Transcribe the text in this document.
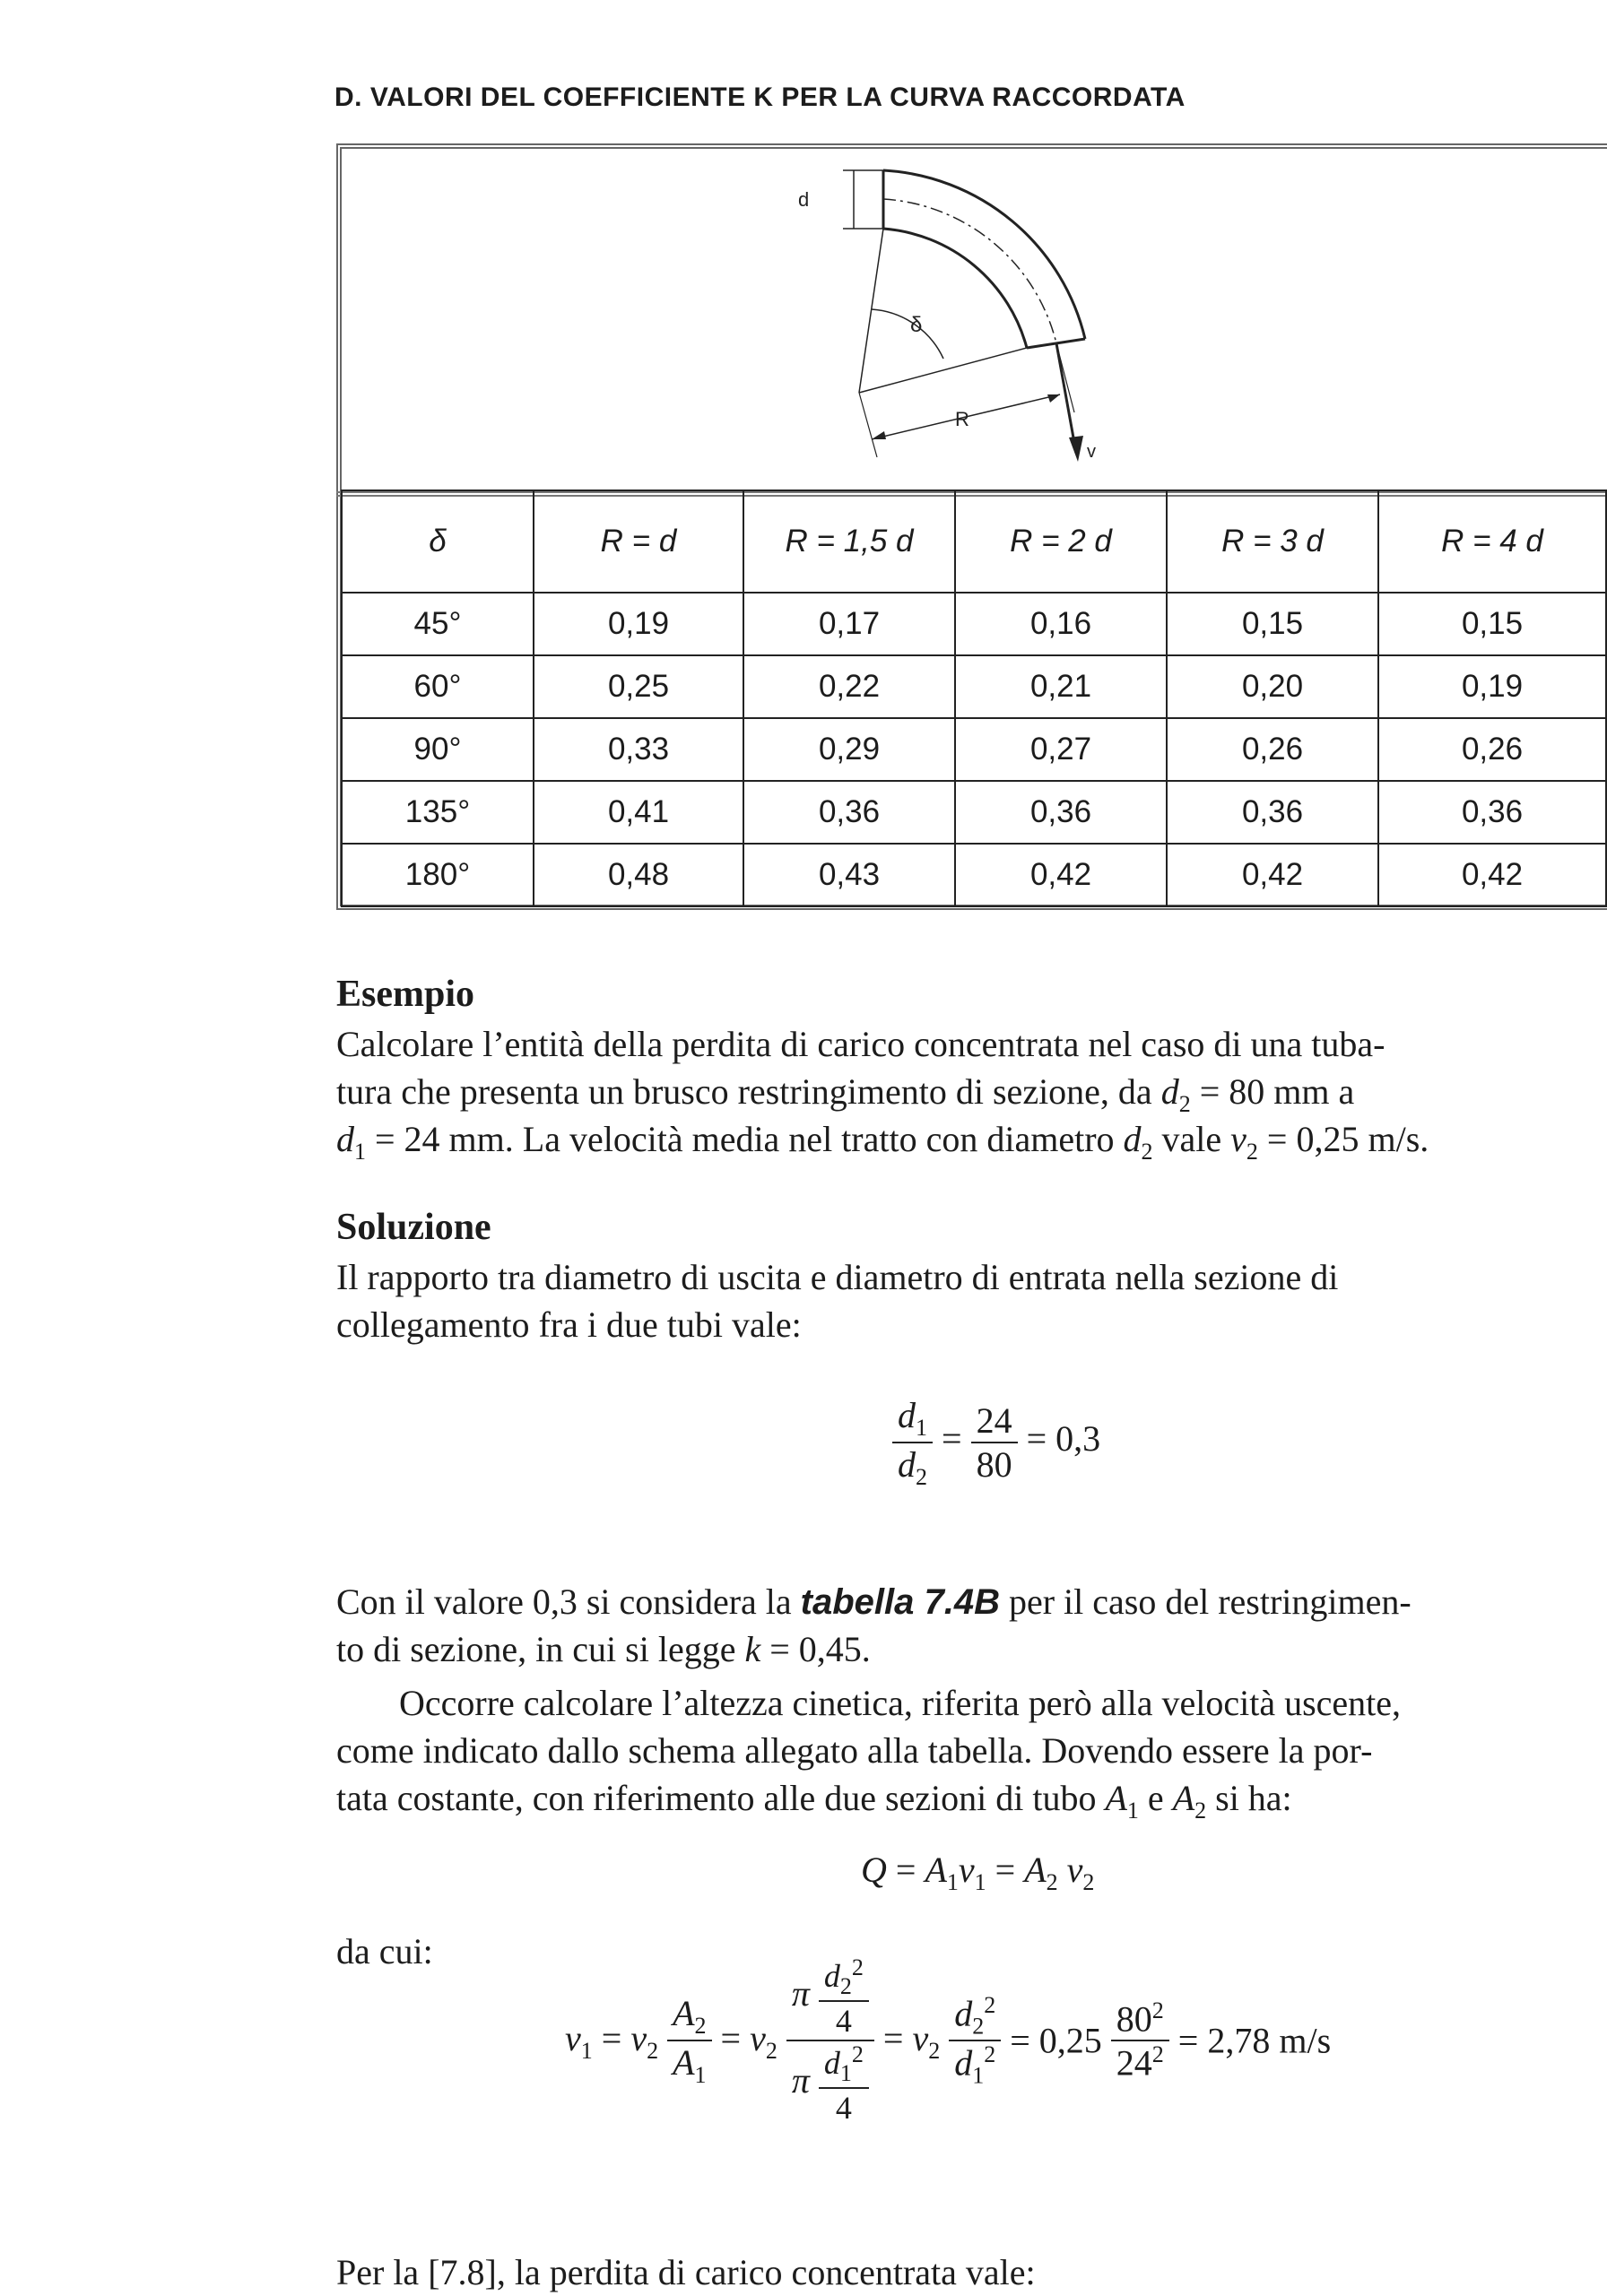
D. VALORI DEL COEFFICIENTE K PER LA CURVA RACCORDATA
d
δ
R
v
δ	R = d	R = 1,5 d	R = 2 d	R = 3 d	R = 4 d
45°	0,19	0,17	0,16	0,15	0,15
60°	0,25	0,22	0,21	0,20	0,19
90°	0,33	0,29	0,27	0,26	0,26
135°	0,41	0,36	0,36	0,36	0,36
180°	0,48	0,43	0,42	0,42	0,42
Esempio
Calcolare l’entità della perdita di carico concentrata nel caso di una tuba-
tura che presenta un brusco restringimento di sezione, da $d_2 = 80$ mm a
$d_1 = 24$ mm. La velocità media nel tratto con diametro $d_2$ vale $v_2 = 0,25$ m/s.
Soluzione
Il rapporto tra diametro di uscita e diametro di entrata nella sezione di
collegamento fra i due tubi vale:
$\frac{d_1}{d_2} = \frac{24}{80} = 0,3$
Con il valore 0,3 si considera la tabella 7.4B per il caso del restringimen-
to di sezione, in cui si legge k = 0,45.
Occorre calcolare l’altezza cinetica, riferita però alla velocità uscente,
come indicato dallo schema allegato alla tabella. Dovendo essere la por-
tata costante, con riferimento alle due sezioni di tubo $A_1$ e $A_2$ si ha:
$Q = A_1v_1 = A_2$ $v_2$
da cui:
$v_1 = v_2 \frac{A_2}{A_1} = v_2 \frac{\pi \frac{d_2^2}{4}}{\pi \frac{d_1^2}{4}} = v_2 \frac{d_2^2}{d_1^2} = 0,25 \frac{80^2}{24^2} = 2,78$ m/s
Per la [7.8], la perdita di carico concentrata vale:
